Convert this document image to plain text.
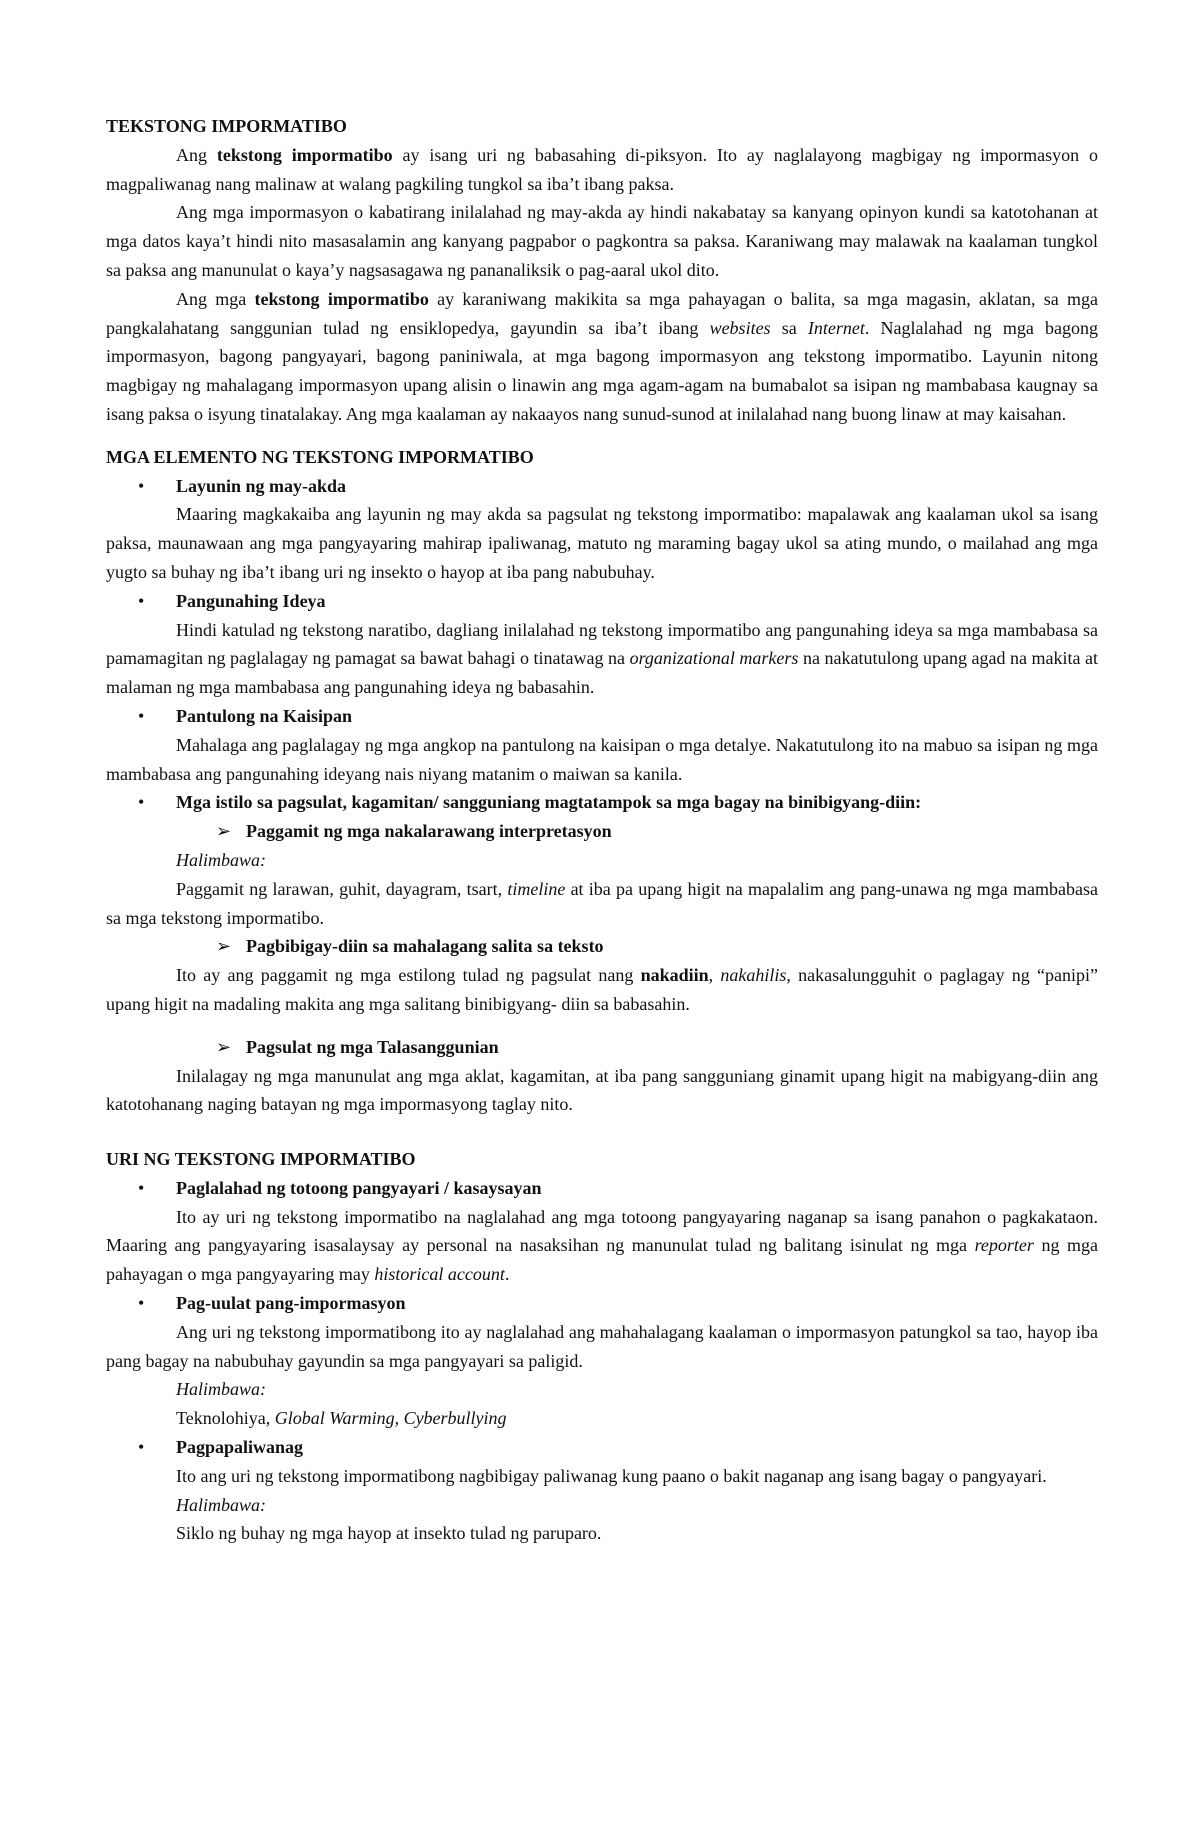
TEKSTONG IMPORMATIBO

Ang tekstong impormatibo ay isang uri ng babasahing di-piksyon. Ito ay naglalayong magbigay ng impormasyon o magpaliwanag nang malinaw at walang pagkiling tungkol sa iba’t ibang paksa.

Ang mga impormasyon o kabatirang inilalahad ng may-akda ay hindi nakabatay sa kanyang opinyon kundi sa katotohanan at mga datos kaya’t hindi nito masasalamin ang kanyang pagpabor o pagkontra sa paksa. Karaniwang may malawak na kaalaman tungkol sa paksa ang manunulat o kaya’y nagsasagawa ng pananaliksik o pag-aaral ukol dito.

Ang mga tekstong impormatibo ay karaniwang makikita sa mga pahayagan o balita, sa mga magasin, aklatan, sa mga pangkalahatang sanggunian tulad ng ensiklopedya, gayundin sa iba’t ibang websites sa Internet. Naglalahad ng mga bagong impormasyon, bagong pangyayari, bagong paniniwala, at mga bagong impormasyon ang tekstong impormatibo. Layunin nitong magbigay ng mahalagang impormasyon upang alisin o linawin ang mga agam-agam na bumabalot sa isipan ng mambabasa kaugnay sa isang paksa o isyung tinatalakay. Ang mga kaalaman ay nakaayos nang sunud-sunod at inilalahad nang buong linaw at may kaisahan.

MGA ELEMENTO NG TEKSTONG IMPORMATIBO

• Layunin ng may-akda

Maaring magkakaiba ang layunin ng may akda sa pagsulat ng tekstong impormatibo: mapalawak ang kaalaman ukol sa isang paksa, maunawaan ang mga pangyayaring mahirap ipaliwanag, matuto ng maraming bagay ukol sa ating mundo, o mailahad ang mga yugto sa buhay ng iba’t ibang uri ng insekto o hayop at iba pang nabubuhay.

• Pangunahing Ideya

Hindi katulad ng tekstong naratibo, dagliang inilalahad ng tekstong impormatibo ang pangunahing ideya sa mga mambabasa sa pamamagitan ng paglalagay ng pamagat sa bawat bahagi o tinatawag na organizational markers na nakatutulong upang agad na makita at malaman ng mga mambabasa ang pangunahing ideya ng babasahin.

• Pantulong na Kaisipan

Mahalaga ang paglalagay ng mga angkop na pantulong na kaisipan o mga detalye. Nakatutulong ito na mabuo sa isipan ng mga mambabasa ang pangunahing ideyang nais niyang matanim o maiwan sa kanila.

• Mga istilo sa pagsulat, kagamitan/ sangguniang magtatampok sa mga bagay na binibigyang-diin:

➢ Paggamit ng mga nakalarawang interpretasyon

Halimbawa:

Paggamit ng larawan, guhit, dayagram, tsart, timeline at iba pa upang higit na mapalalim ang pang-unawa ng mga mambabasa sa mga tekstong impormatibo.

➢ Pagbibigay-diin sa mahalagang salita sa teksto

Ito ay ang paggamit ng mga estilong tulad ng pagsulat nang nakadiin, nakahilis, nakasalungguhit o paglagay ng “panipi” upang higit na madaling makita ang mga salitang binibigyang- diin sa babasahin.

➢ Pagsulat ng mga Talasanggunian

Inilalagay ng mga manunulat ang mga aklat, kagamitan, at iba pang sangguniang ginamit upang higit na mabigyang-diin ang katotohanang naging batayan ng mga impormasyong taglay nito.

URI NG TEKSTONG IMPORMATIBO

• Paglalahad ng totoong pangyayari / kasaysayan

Ito ay uri ng tekstong impormatibo na naglalahad ang mga totoong pangyayaring naganap sa isang panahon o pagkakataon. Maaring ang pangyayaring isasalaysay ay personal na nasaksihan ng manunulat tulad ng balitang isinulat ng mga reporter ng mga pahayagan o mga pangyayaring may historical account.

• Pag-uulat pang-impormasyon

Ang uri ng tekstong impormatibong ito ay naglalahad ang mahahalagang kaalaman o impormasyon patungkol sa tao, hayop iba pang bagay na nabubuhay gayundin sa mga pangyayari sa paligid.

Halimbawa:

Teknolohiya, Global Warming, Cyberbullying

• Pagpapaliwanag

Ito ang uri ng tekstong impormatibong nagbibigay paliwanag kung paano o bakit naganap ang isang bagay o pangyayari.

Halimbawa:

Siklo ng buhay ng mga hayop at insekto tulad ng paruparo.
